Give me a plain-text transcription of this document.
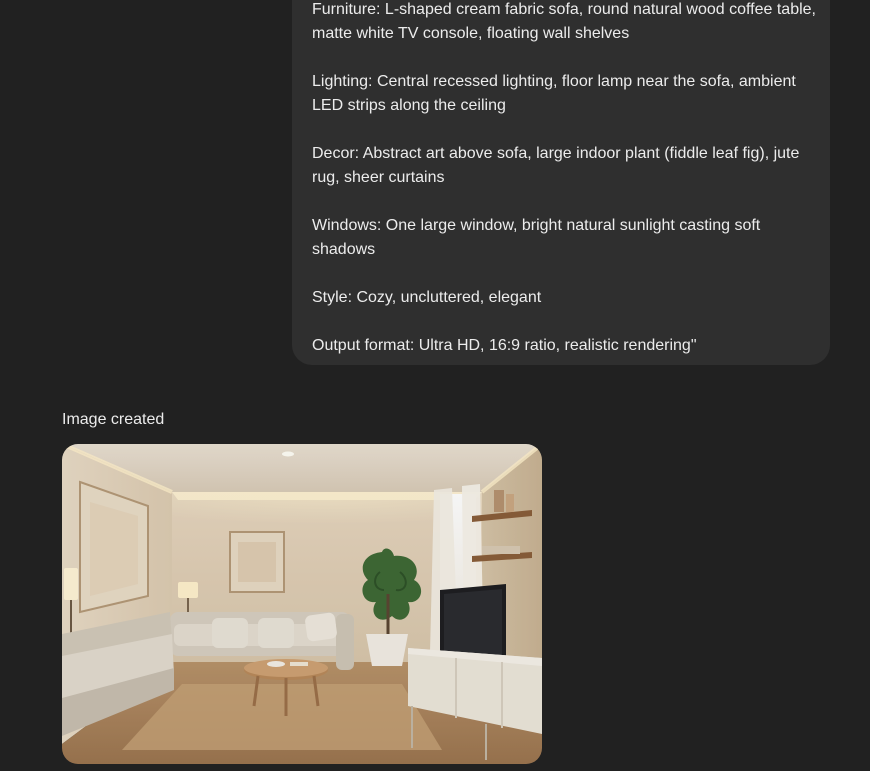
Furniture: L-shaped cream fabric sofa, round natural wood coffee table, matte white TV console, floating wall shelves

Lighting: Central recessed lighting, floor lamp near the sofa, ambient LED strips along the ceiling

Decor: Abstract art above sofa, large indoor plant (fiddle leaf fig), jute rug, sheer curtains

Windows: One large window, bright natural sunlight casting soft shadows

Style: Cozy, uncluttered, elegant

Output format: Ultra HD, 16:9 ratio, realistic rendering"

Image created
